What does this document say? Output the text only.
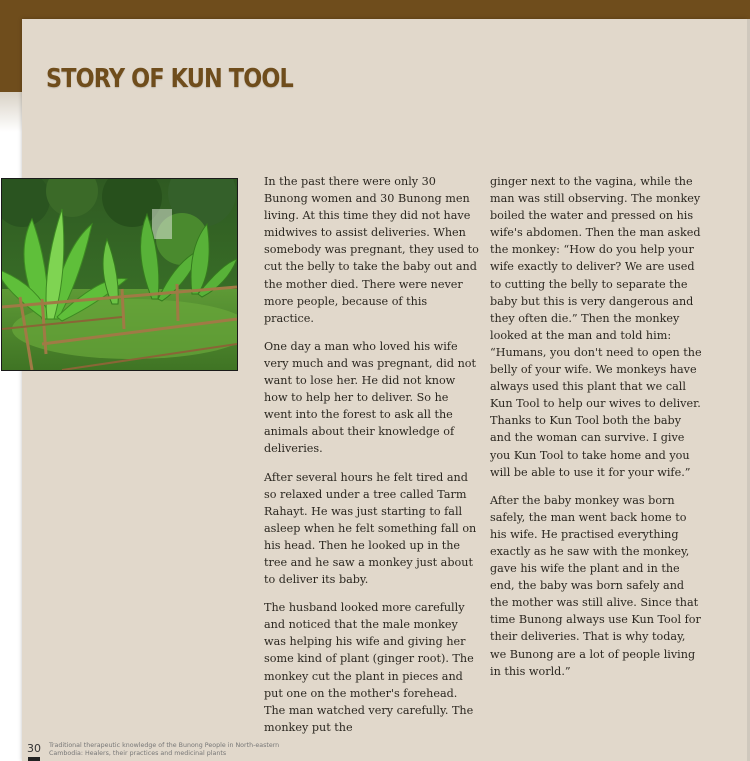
STORY OF KUN TOOL

In the past there were only 30 Bunong women and 30 Bunong men living. At this time they did not have midwives to assist deliveries. When somebody was pregnant, they used to cut the belly to take the baby out and the mother died. There were never more people, because of this practice.

One day a man who loved his wife very much and was pregnant, did not want to lose her. He did not know how to help her to deliver. So he went into the forest to ask all the animals about their knowledge of deliveries.

After several hours he felt tired and so relaxed under a tree called Tarm Rahayt. He was just starting to fall asleep when he felt something fall on his head. Then he looked up in the tree and he saw a monkey just about to deliver its baby.

The husband looked more carefully and noticed that the male monkey was helping his wife and giving her some kind of plant (ginger root). The monkey cut the plant in pieces and put one on the mother's forehead. The man watched very carefully. The monkey put the

ginger next to the vagina, while the man was still observing. The monkey boiled the water and pressed on his wife's abdomen. Then the man asked the monkey: “How do you help your wife exactly to deliver? We are used to cutting the belly to separate the baby but this is very dangerous and they often die.” Then the monkey looked at the man and told him: “Humans, you don't need to open the belly of your wife. We monkeys have always used this plant that we call Kun Tool to help our wives to deliver. Thanks to Kun Tool both the baby and the woman can survive. I give you Kun Tool to take home and you will be able to use it for your wife.”

After the baby monkey was born safely, the man went back home to his wife. He practised everything exactly as he saw with the monkey, gave his wife the plant and in the end, the baby was born safely and the mother was still alive. Since that time Bunong always use Kun Tool for their deliveries. That is why today, we Bunong are a lot of people living in this world.”

30 Traditional therapeutic knowledge of the Bunong People in North-eastern Cambodia: Healers, their practices and medicinal plants
